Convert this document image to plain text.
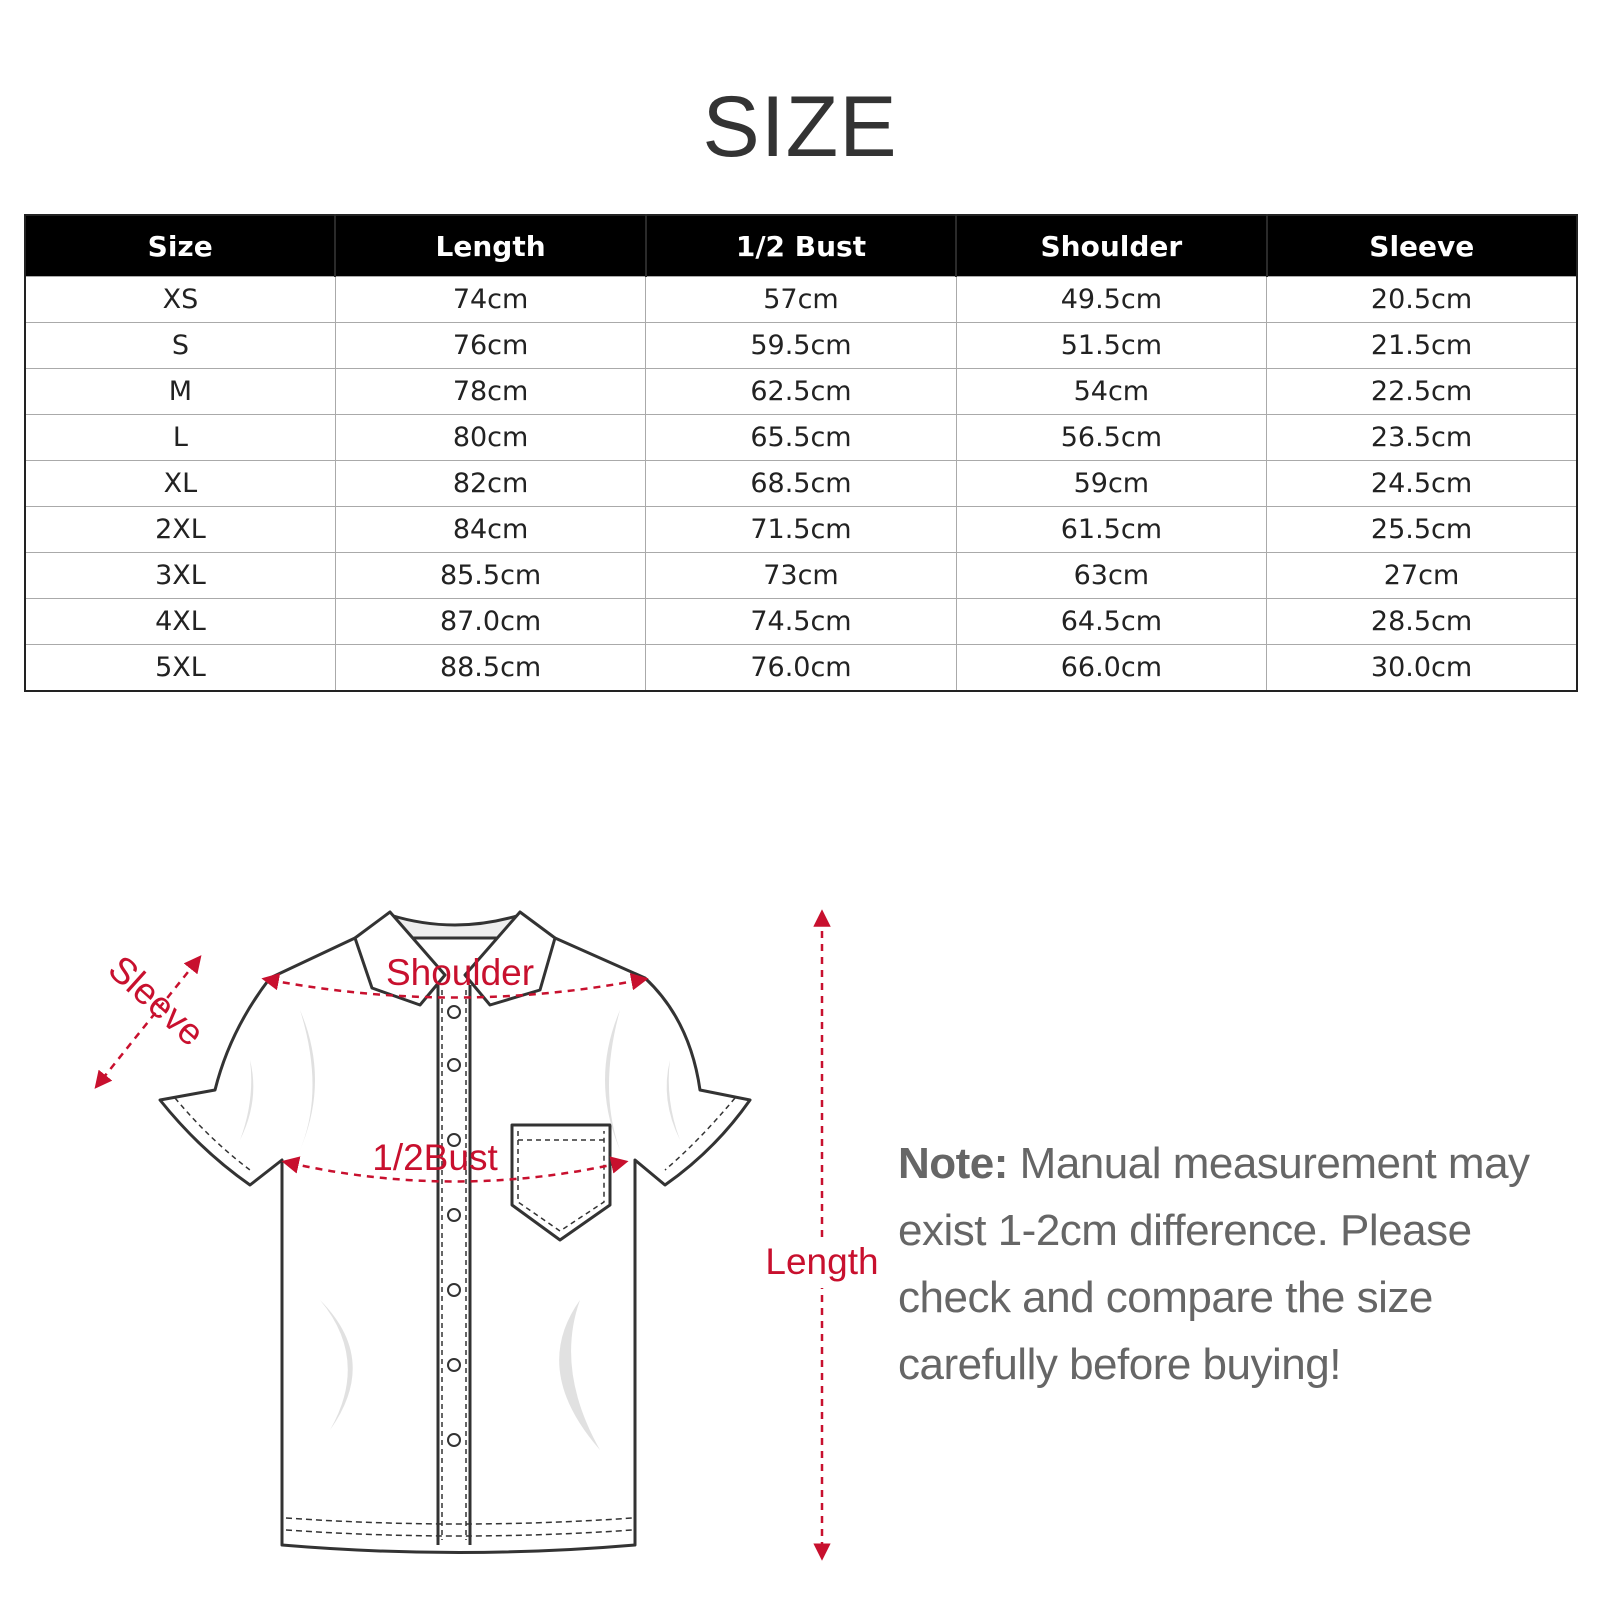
SIZE
Size	Length	1/2 Bust	Shoulder	Sleeve
XS	74cm	57cm	49.5cm	20.5cm
S	76cm	59.5cm	51.5cm	21.5cm
M	78cm	62.5cm	54cm	22.5cm
L	80cm	65.5cm	56.5cm	23.5cm
XL	82cm	68.5cm	59cm	24.5cm
2XL	84cm	71.5cm	61.5cm	25.5cm
3XL	85.5cm	73cm	63cm	27cm
4XL	87.0cm	74.5cm	64.5cm	28.5cm
5XL	88.5cm	76.0cm	66.0cm	30.0cm
Shoulder
1/2Bust
Sleeve
Length

Note: Manual measurement may exist 1-2cm difference. Please check and compare the size carefully before buying!
